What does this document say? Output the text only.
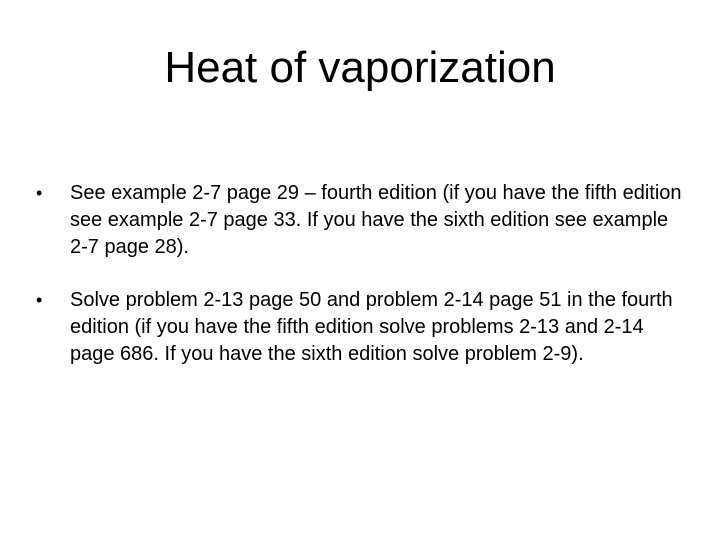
Heat of vaporization
•	See example 2-7 page 29 – fourth edition (if you have the fifth edition see example 2-7 page 33. If you have the sixth edition see example 2-7 page 28).
•	Solve problem 2-13 page 50 and problem 2-14 page 51 in the fourth edition (if you have the fifth edition solve problems 2-13 and 2-14 page 686. If you have the sixth edition solve problem 2-9).
